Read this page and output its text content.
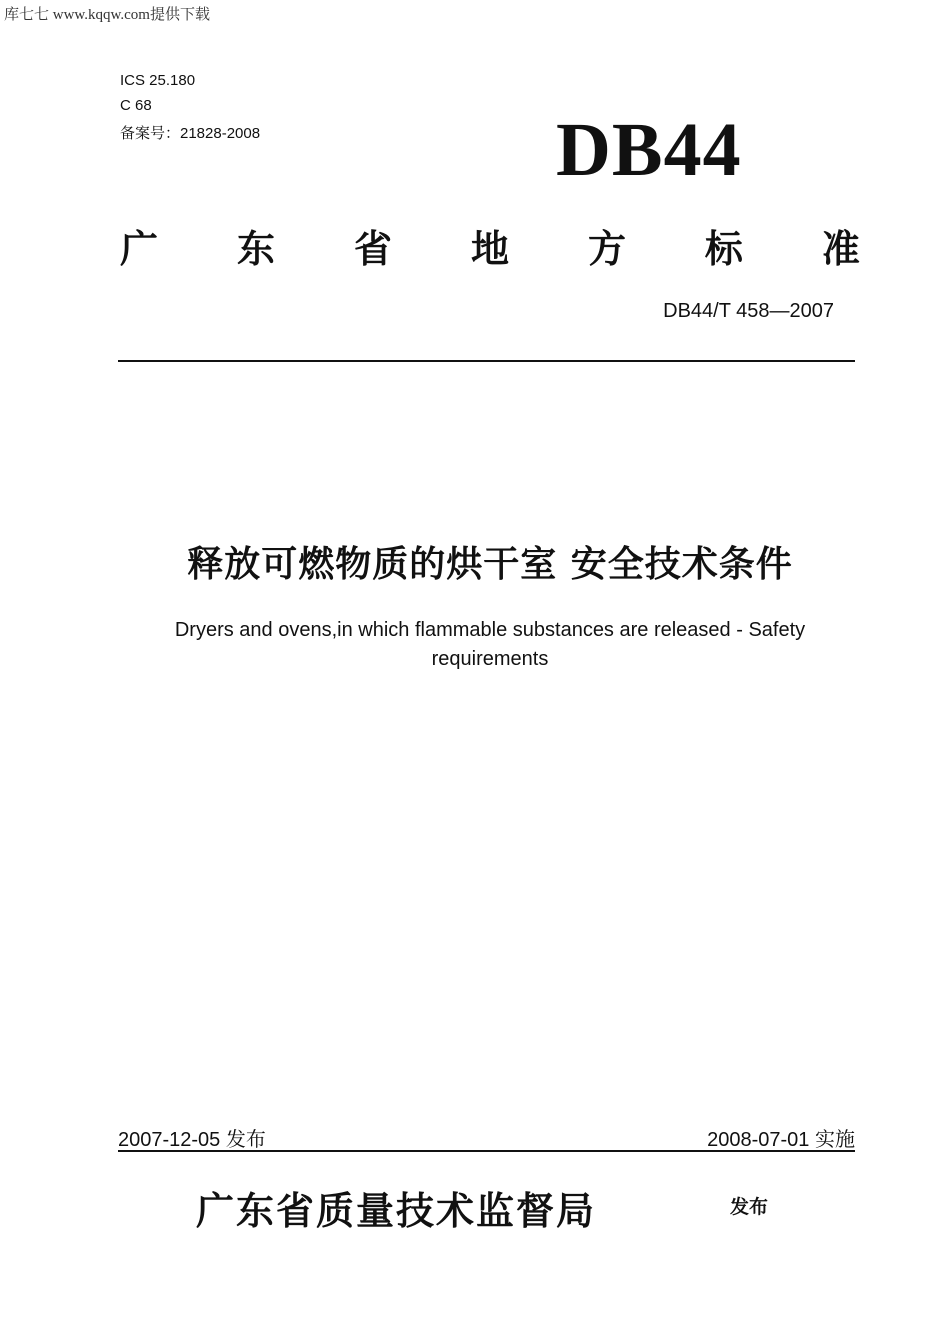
库七七 www.kqqw.com提供下载
ICS 25.180
C 68
备案号：21828-2008	DB44
广 东 省 地 方 标 准
DB44/T 458—2007
释放可燃物质的烘干室 安全技术条件
Dryers and ovens,in which flammable substances are released - Safety
requirements
2007-12-05 发布	2008-07-01 实施
广东省质量技术监督局	发布
